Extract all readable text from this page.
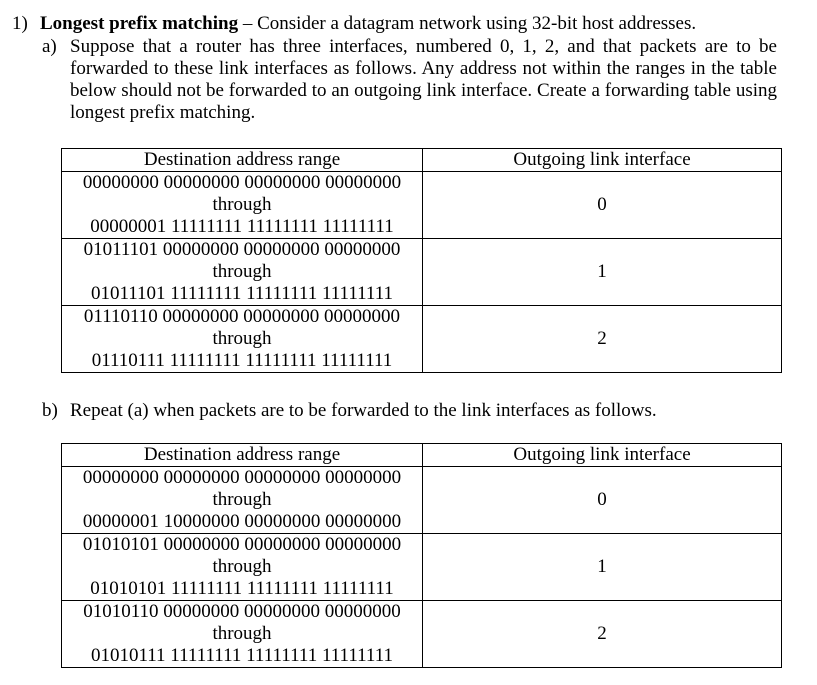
1) Longest prefix matching – Consider a datagram network using 32-bit host addresses.
a) Suppose that a router has three interfaces, numbered 0, 1, 2, and that packets are to be forwarded to these link interfaces as follows. Any address not within the ranges in the table below should not be forwarded to an outgoing link interface. Create a forwarding table using longest prefix matching.
Destination address range	Outgoing link interface

00000000 00000000 00000000 00000000
through
00000001 11111111 11111111 11111111	0

01011101 00000000 00000000 00000000
through
01011101 11111111 11111111 11111111	1

01110110 00000000 00000000 00000000
through
01110111 11111111 11111111 11111111	2
b) Repeat (a) when packets are to be forwarded to the link interfaces as follows.
Destination address range	Outgoing link interface

00000000 00000000 00000000 00000000
through
00000001 10000000 00000000 00000000	0

01010101 00000000 00000000 00000000
through
01010101 11111111 11111111 11111111	1

01010110 00000000 00000000 00000000
through
01010111 11111111 11111111 11111111	2
